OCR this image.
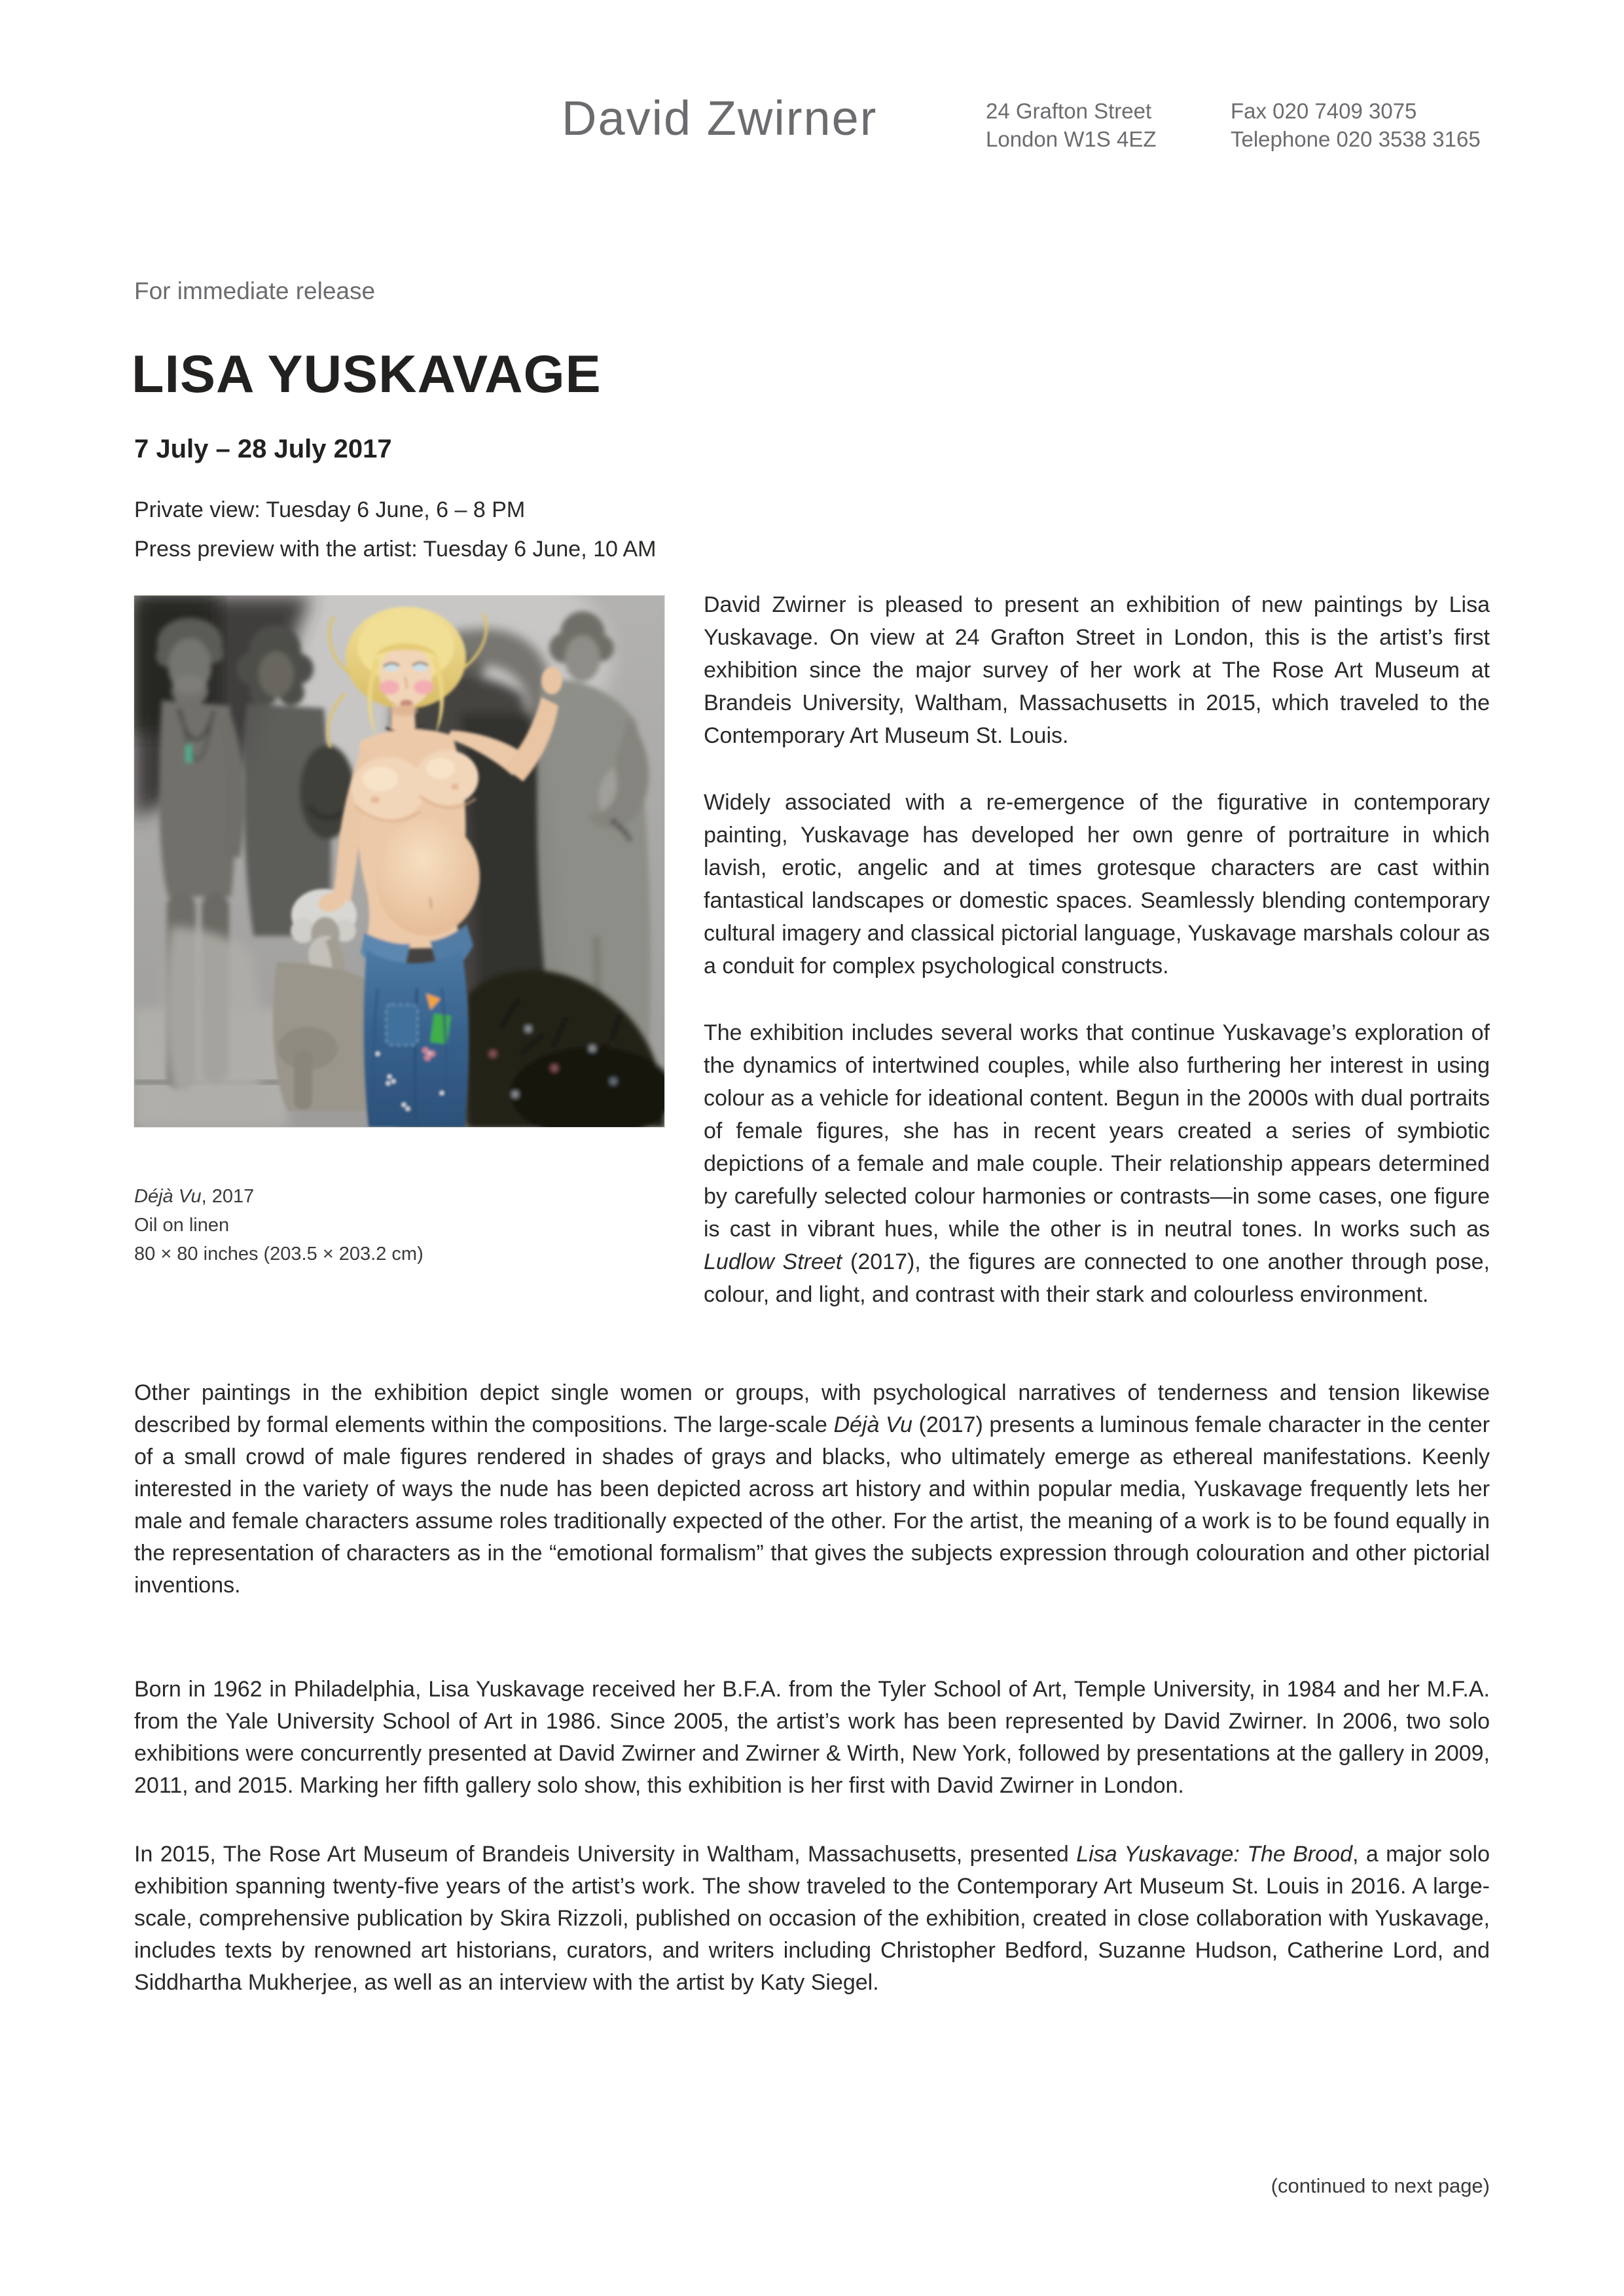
David Zwirner	24 Grafton Street
London W1S 4EZ
Fax 020 7409 3075
Telephone 020 3538 3165
For immediate release
LISA YUSKAVAGE
7 July – 28 July 2017
Private view: Tuesday 6 June, 6 – 8 PM
Press preview with the artist: Tuesday 6 June, 10 AM
Déjà Vu, 2017
Oil on linen
80 × 80 inches (203.5 × 203.2 cm)

David Zwirner is pleased to present an exhibition of new paintings by Lisa Yuskavage. On view at 24 Grafton Street in London, this is the artist’s first exhibition since the major survey of her work at The Rose Art Museum at Brandeis University, Waltham, Massachusetts in 2015, which traveled to the Contemporary Art Museum St. Louis.

Widely associated with a re-emergence of the figurative in contemporary painting, Yuskavage has developed her own genre of portraiture in which lavish, erotic, angelic and at times grotesque characters are cast within fantastical landscapes or domestic spaces. Seamlessly blending contemporary cultural imagery and classical pictorial language, Yuskavage marshals colour as a conduit for complex psychological constructs.

The exhibition includes several works that continue Yuskavage’s exploration of the dynamics of intertwined couples, while also furthering her interest in using colour as a vehicle for ideational content. Begun in the 2000s with dual portraits of female figures, she has in recent years created a series of symbiotic depictions of a female and male couple. Their relationship appears determined by carefully selected colour harmonies or contrasts—in some cases, one figure is cast in vibrant hues, while the other is in neutral tones. In works such as Ludlow Street (2017), the figures are connected to one another through pose, colour, and light, and contrast with their stark and colourless environment.

Other paintings in the exhibition depict single women or groups, with psychological narratives of tenderness and tension likewise described by formal elements within the compositions. The large-scale Déjà Vu (2017) presents a luminous female character in the center of a small crowd of male figures rendered in shades of grays and blacks, who ultimately emerge as ethereal manifestations. Keenly interested in the variety of ways the nude has been depicted across art history and within popular media, Yuskavage frequently lets her male and female characters assume roles traditionally expected of the other. For the artist, the meaning of a work is to be found equally in the representation of characters as in the “emotional formalism” that gives the subjects expression through colouration and other pictorial inventions.

Born in 1962 in Philadelphia, Lisa Yuskavage received her B.F.A. from the Tyler School of Art, Temple University, in 1984 and her M.F.A. from the Yale University School of Art in 1986. Since 2005, the artist’s work has been represented by David Zwirner. In 2006, two solo exhibitions were concurrently presented at David Zwirner and Zwirner & Wirth, New York, followed by presentations at the gallery in 2009, 2011, and 2015. Marking her fifth gallery solo show, this exhibition is her first with David Zwirner in London.

In 2015, The Rose Art Museum of Brandeis University in Waltham, Massachusetts, presented Lisa Yuskavage: The Brood, a major solo exhibition spanning twenty-five years of the artist’s work. The show traveled to the Contemporary Art Museum St. Louis in 2016. A large-scale, comprehensive publication by Skira Rizzoli, published on occasion of the exhibition, created in close collaboration with Yuskavage, includes texts by renowned art historians, curators, and writers including Christopher Bedford, Suzanne Hudson, Catherine Lord, and Siddhartha Mukherjee, as well as an interview with the artist by Katy Siegel.

(continued to next page)
